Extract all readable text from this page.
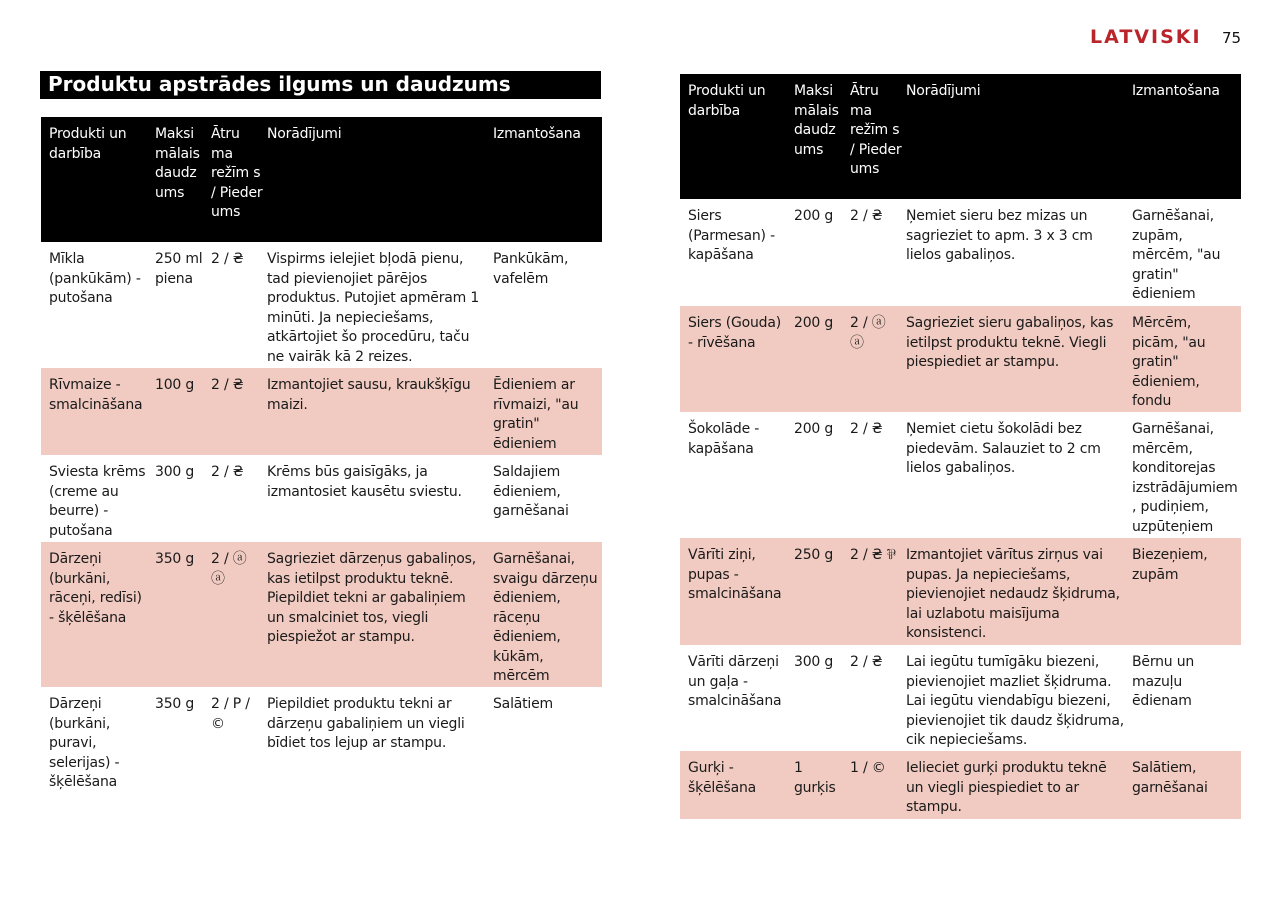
LATVISKI 75
Produktu apstrādes ilgums un daudzums
Produkti un darbība	Maksi mālais daudz ums	Ātru ma režīm s / Pieder ums	Norādījumi	Izmantošana

Mīkla (pankūkām) - putošana	250 ml piena	2 / ₴	Vispirms ielejiet bļodā pienu, tad pievienojiet pārējos produktus. Putojiet apmēram 1 minūti. Ja nepieciešams, atkārtojiet šo procedūru, taču ne vairāk kā 2 reizes.	Pankūkām, vafelēm

Rīvmaize - smalcināšana	100 g	2 / ₴	Izmantojiet sausu, kraukšķīgu maizi.	Ēdieniem ar rīvmaizi, "au gratin" ēdieniem

Sviesta krēms (creme au beurre) - putošana	300 g	2 / ₴	Krēms būs gaisīgāks, ja izmantosiet kausētu sviestu.	Saldajiem ēdieniem, garnēšanai

Dārzeņi (burkāni, rāceņi, redīsi) - šķēlēšana	350 g	2 / ⓐ ⓐ	Sagrieziet dārzeņus gabaliņos, kas ietilpst produktu teknē. Piepildiet tekni ar gabaliņiem un smalciniet tos, viegli piespiežot ar stampu.	Garnēšanai, svaigu dārzeņu ēdieniem, rāceņu ēdieniem, kūkām, mērcēm

Dārzeņi (burkāni, puravi, selerijas) - šķēlēšana	350 g	2 / P / ©	Piepildiet produktu tekni ar dārzeņu gabaliņiem un viegli bīdiet tos lejup ar stampu.	Salātiem
Produkti un darbība	Maksi mālais daudz ums	Ātru ma režīm s / Pieder ums	Norādījumi	Izmantošana

Siers (Parmesan) - kapāšana	200 g	2 / ₴	Ņemiet sieru bez mizas un sagrieziet to apm. 3 x 3 cm lielos gabaliņos.	Garnēšanai, zupām, mērcēm, "au gratin" ēdieniem

Siers (Gouda) - rīvēšana	200 g	2 / ⓐ ⓐ	Sagrieziet sieru gabaliņos, kas ietilpst produktu teknē. Viegli piespiediet ar stampu.	Mērcēm, picām, "au gratin" ēdieniem, fondu

Šokolāde - kapāšana	200 g	2 / ₴	Ņemiet cietu šokolādi bez piedevām. Salauziet to 2 cm lielos gabaliņos.	Garnēšanai, mērcēm, konditorejas izstrādājumiem , pudiņiem, uzpūteņiem

Vārīti ziņi, pupas - smalcināšana	250 g	2 / ₴ ⅌	Izmantojiet vārītus zirņus vai pupas. Ja nepieciešams, pievienojiet nedaudz šķidruma, lai uzlabotu maisījuma konsistenci.	Biezeņiem, zupām

Vārīti dārzeņi un gaļa - smalcināšana	300 g	2 / ₴	Lai iegūtu tumīgāku biezeni, pievienojiet mazliet šķidruma. Lai iegūtu viendabīgu biezeni, pievienojiet tik daudz šķidruma, cik nepieciešams.	Bērnu un mazuļu ēdienam

Gurķi - šķēlēšana	1 gurķis	1 / ©	Ielieciet gurķi produktu teknē un viegli piespiediet to ar stampu.	Salātiem, garnēšanai
